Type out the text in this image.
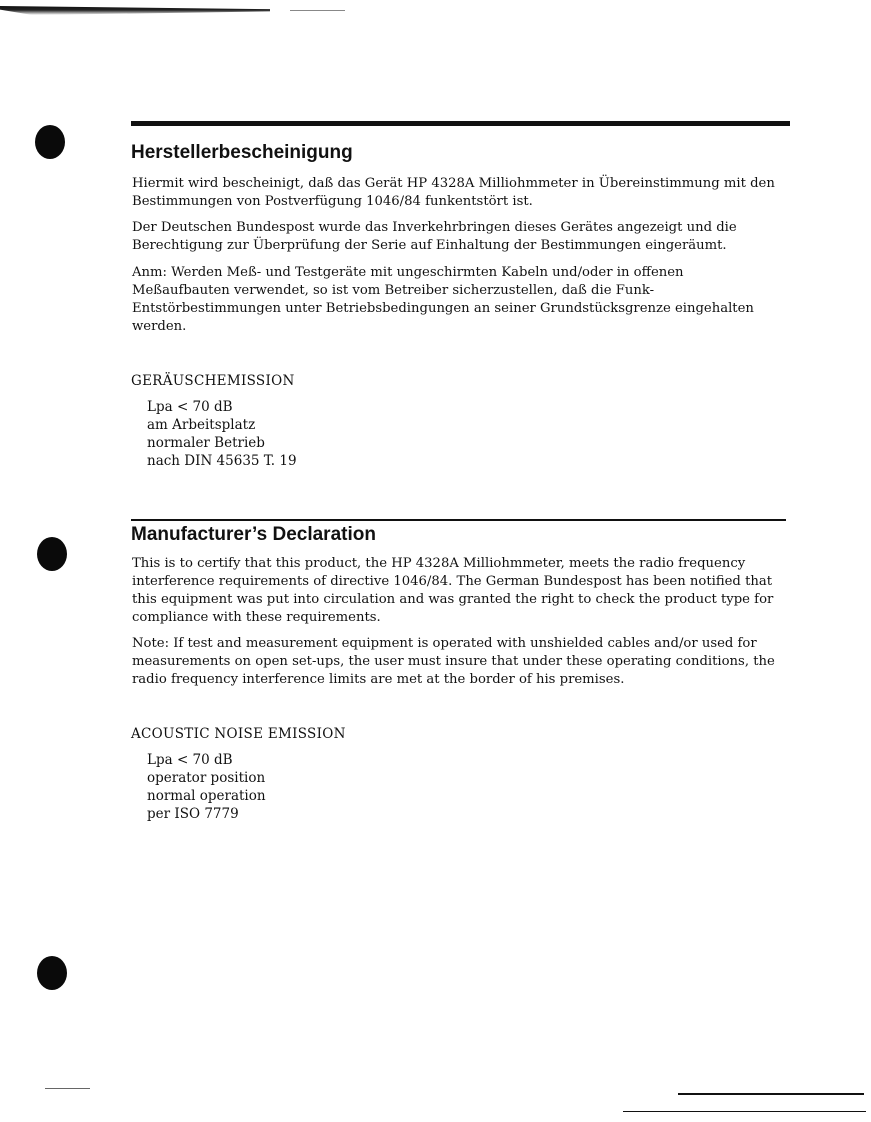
Herstellerbescheinigung

Hiermit wird bescheinigt, daß das Gerät HP 4328A Milliohmmeter in Übereinstimmung mit den Bestimmungen von Postverfügung 1046/84 funkentstört ist.

Der Deutschen Bundespost wurde das Inverkehrbringen dieses Gerätes angezeigt und die Berechtigung zur Überprüfung der Serie auf Einhaltung der Bestimmungen eingeräumt.

Anm: Werden Meß- und Testgeräte mit ungeschirmten Kabeln und/oder in offenen Meßaufbauten verwendet, so ist vom Betreiber sicherzustellen, daß die Funk-Entstörbestimmungen unter Betriebsbedingungen an seiner Grundstücksgrenze eingehalten werden.

GERÄUSCHEMISSION

Lpa < 70 dB
am Arbeitsplatz
normaler Betrieb
nach DIN 45635 T. 19
Manufacturer’s Declaration

This is to certify that this product, the HP 4328A Milliohmmeter, meets the radio frequency interference requirements of directive 1046/84. The German Bundespost has been notified that this equipment was put into circulation and was granted the right to check the product type for compliance with these requirements.

Note: If test and measurement equipment is operated with unshielded cables and/or used for measurements on open set-ups, the user must insure that under these operating conditions, the radio frequency interference limits are met at the border of his premises.

ACOUSTIC NOISE EMISSION

Lpa < 70 dB
operator position
normal operation
per ISO 7779
